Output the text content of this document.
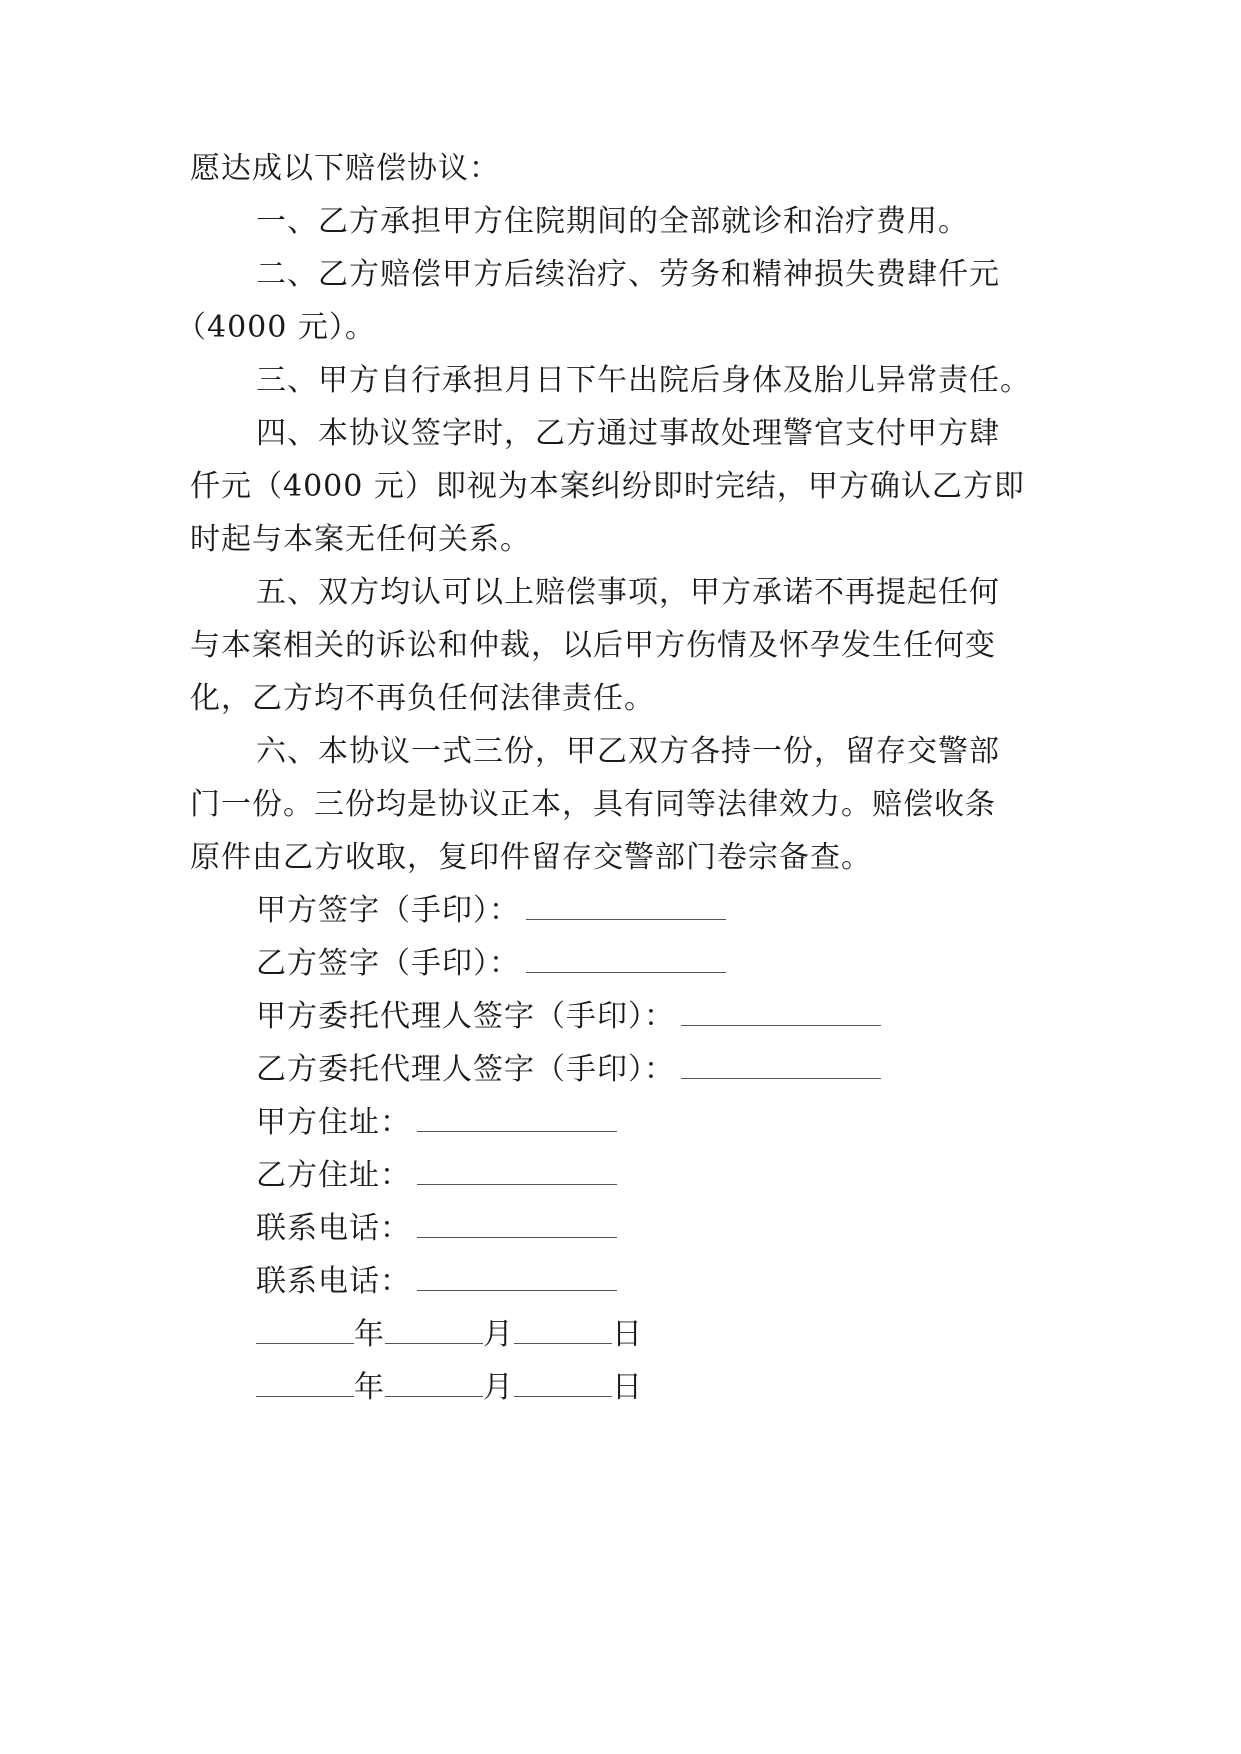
愿达成以下赔偿协议：
一、乙方承担甲方住院期间的全部就诊和治疗费用。
二、乙方赔偿甲方后续治疗、劳务和精神损失费肆仟元
（4000 元）。
三、甲方自行承担月日下午出院后身体及胎儿异常责任。
四、本协议签字时，乙方通过事故处理警官支付甲方肆
仟元（4000 元）即视为本案纠纷即时完结，甲方确认乙方即
时起与本案无任何关系。
五、双方均认可以上赔偿事项，甲方承诺不再提起任何
与本案相关的诉讼和仲裁，以后甲方伤情及怀孕发生任何变
化，乙方均不再负任何法律责任。
六、本协议一式三份，甲乙双方各持一份，留存交警部
门一份。三份均是协议正本，具有同等法律效力。赔偿收条
原件由乙方收取，复印件留存交警部门卷宗备查。
甲方签字（手印）：
乙方签字（手印）：
甲方委托代理人签字（手印）：
乙方委托代理人签字（手印）：
甲方住址：
乙方住址：
联系电话：
联系电话：
年	月	日
年	月	日
